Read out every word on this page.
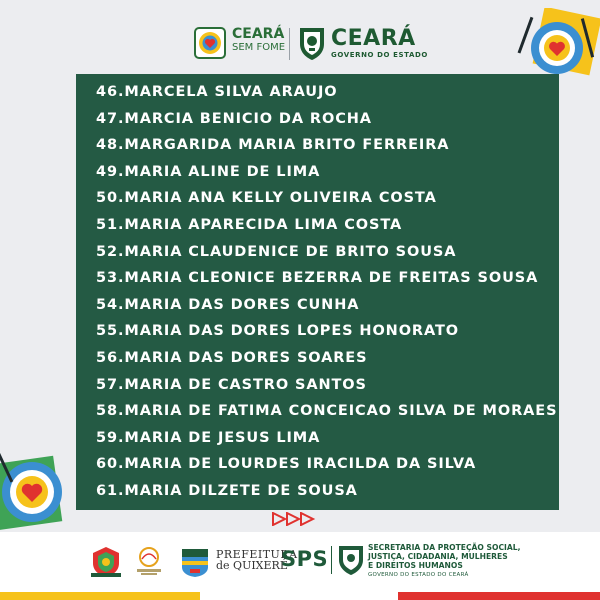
CEARÁ
SEM FOME	CEARÁ
GOVERNO DO ESTADO
46.MARCELA SILVA ARAUJO
47.MARCIA BENICIO DA ROCHA
48.MARGARIDA MARIA BRITO FERREIRA
49.MARIA ALINE DE LIMA
50.MARIA ANA KELLY OLIVEIRA COSTA
51.MARIA APARECIDA LIMA COSTA
52.MARIA CLAUDENICE DE BRITO SOUSA
53.MARIA CLEONICE BEZERRA DE FREITAS SOUSA
54.MARIA DAS DORES CUNHA
55.MARIA DAS DORES LOPES HONORATO
56.MARIA DAS DORES SOARES
57.MARIA DE CASTRO SANTOS
58.MARIA DE FATIMA CONCEICAO SILVA DE MORAES
59.MARIA DE JESUS LIMA
60.MARIA DE LOURDES IRACILDA DA SILVA
61.MARIA DILZETE DE SOUSA
PREFEITURA
de QUIXERÉ
SPS	SECRETARIA DA PROTEÇÃO SOCIAL,
JUSTIÇA, CIDADANIA, MULHERES
E DIREITOS HUMANOS
GOVERNO DO ESTADO DO CEARÁ
